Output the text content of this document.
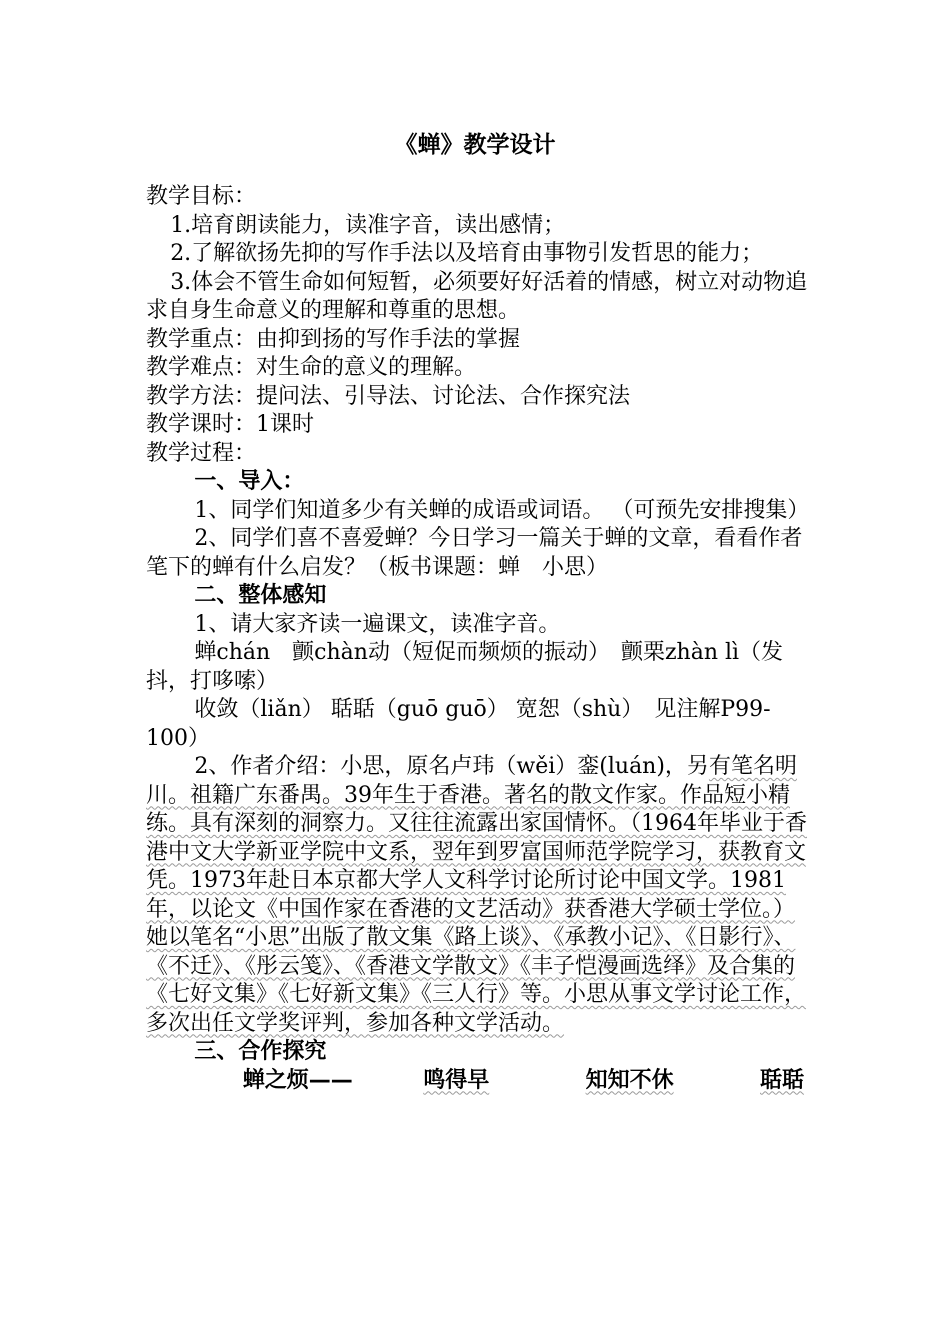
《蝉》教学设计

教学目标：

1.培育朗读能力，读准字音，读出感情；

2.了解欲扬先抑的写作手法以及培育由事物引发哲思的能力；

3.体会不管生命如何短暂，必须要好好活着的情感，树立对动物追求自身生命意义的理解和尊重的思想。

教学重点：由抑到扬的写作手法的掌握

教学难点：对生命的意义的理解。

教学方法：提问法、引导法、讨论法、合作探究法

教学课时：1课时

教学过程：

一、导入：

1、同学们知道多少有关蝉的成语或词语。 （可预先安排搜集）

2、同学们喜不喜爱蝉？今日学习一篇关于蝉的文章，看看作者笔下的蝉有什么启发？（板书课题：蝉　小思）

二、整体感知

1、请大家齐读一遍课文，读准字音。

蝉chán　颤chàn动（短促而频烦的振动）　颤栗zhàn lì（发抖，打哆嗦）

收敛（liǎn） 聒聒（guō guō） 宽恕（shù）　见注解P99-100）

2、作者介绍：小思，原名卢玮（wěi）銮(luán)，另有笔名明川。祖籍广东番禺。39年生于香港。著名的散文作家。作品短小精练。具有深刻的洞察力。又往往流露出家国情怀。（1964年毕业于香港中文大学新亚学院中文系，翌年到罗富国师范学院学习，获教育文凭。1973年赴日本京都大学人文科学讨论所讨论中国文学。1981年，以论文《中国作家在香港的文艺活动》获香港大学硕士学位。）她以笔名“小思”出版了散文集《路上谈》、《承教小记》、《日影行》、《不迁》、《彤云笺》、《香港文学散文》《丰子恺漫画选绎》及合集的《七好文集》《七好新文集》《三人行》等。小思从事文学讨论工作，多次出任文学奖评判，参加各种文学活动。

三、合作探究

蝉之烦——	鸣得早	知知不休	聒聒
